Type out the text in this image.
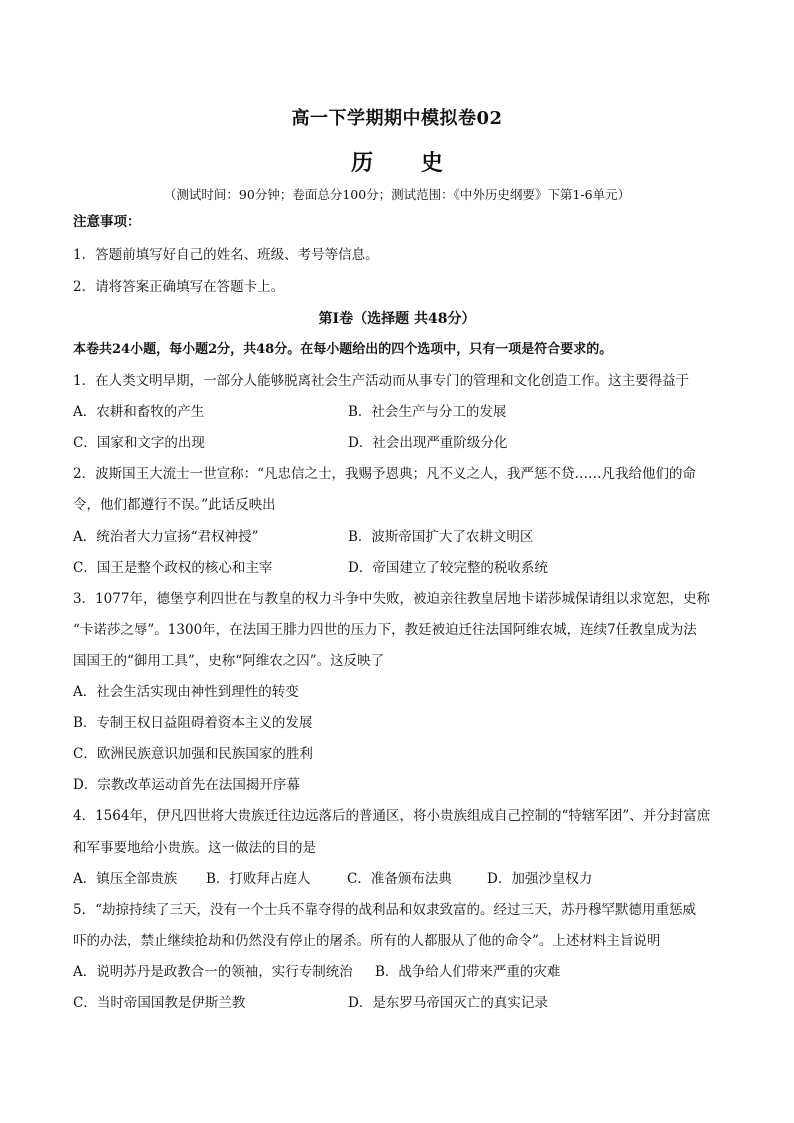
高一下学期期中模拟卷02
历 史
（测试时间：90分钟；卷面总分100分；测试范围：《中外历史纲要》下第1-6单元）
注意事项：
1．答题前填写好自己的姓名、班级、考号等信息。
2．请将答案正确填写在答题卡上。
第I卷（选择题 共48分）
本卷共24小题，每小题2分，共48分。在每小题给出的四个选项中，只有一项是符合要求的。
1．在人类文明早期，一部分人能够脱离社会生产活动而从事专门的管理和文化创造工作。这主要得益于
A．农耕和畜牧的产生	B．社会生产与分工的发展
C．国家和文字的出现	D．社会出现严重阶级分化
2．波斯国王大流士一世宣称：“凡忠信之士，我赐予恩典；凡不义之人，我严惩不贷……凡我给他们的命
令，他们都遵行不误。”此话反映出
A．统治者大力宣扬“君权神授”	B．波斯帝国扩大了农耕文明区
C．国王是整个政权的核心和主宰	D．帝国建立了较完整的税收系统
3．1077年，德堡亨利四世在与教皇的权力斗争中失败，被迫亲往教皇居地卡诺莎城保请组以求宽恕，史称
“卡诺莎之辱”。1300年，在法国王腓力四世的压力下，教廷被迫迁往法国阿维农城，连续7任教皇成为法
国国王的“御用工具”，史称“阿维农之囚”。这反映了
A．社会生活实现由神性到理性的转变
B．专制王权日益阻碍着资本主义的发展
C．欧洲民族意识加强和民族国家的胜利
D．宗教改革运动首先在法国揭开序幕
4．1564年，伊凡四世将大贵族迁往边远落后的普通区，将小贵族组成自己控制的“特辖军团”、并分封富庶
和军事要地给小贵族。这一做法的目的是
A．镇压全部贵族 B．打败拜占庭人	C．准备颁布法典	D．加强沙皇权力
5．“劫掠持续了三天，没有一个士兵不靠夺得的战利品和奴隶致富的。经过三天，苏丹穆罕默德用重惩威
吓的办法，禁止继续抢劫和仍然没有停止的屠杀。所有的人都服从了他的命令”。上述材料主旨说明
A．说明苏丹是政教合一的领袖，实行专制统治 B．战争给人们带来严重的灾难
C．当时帝国国教是伊斯兰教	D．是东罗马帝国灭亡的真实记录
